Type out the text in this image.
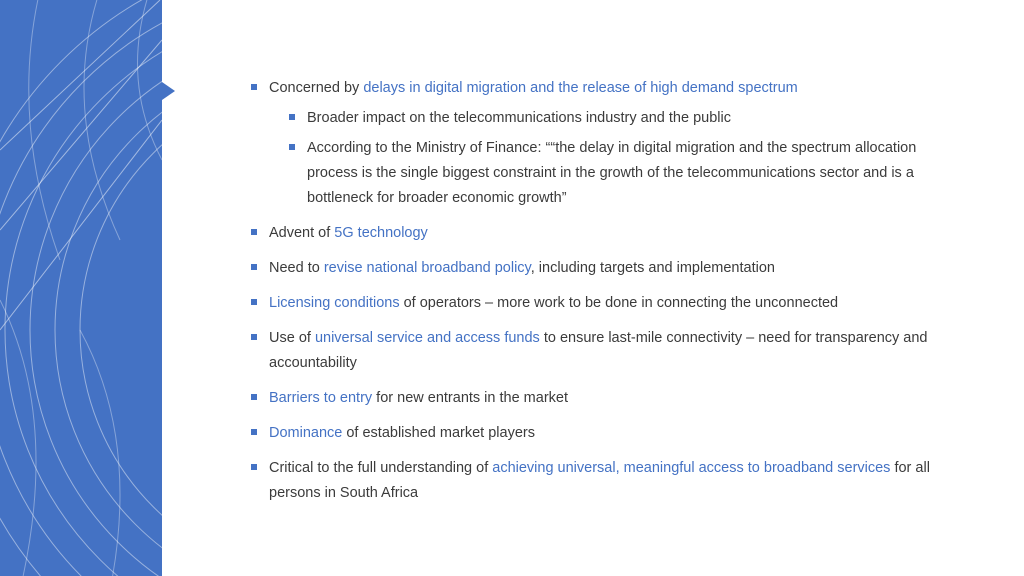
Concerned by delays in digital migration and the release of high demand spectrum
Broader impact on the telecommunications industry and the public
According to the Ministry of Finance: ““the delay in digital migration and the spectrum allocation process is the single biggest constraint in the growth of the telecommunications sector and is a bottleneck for broader economic growth”
Advent of 5G technology
Need to revise national broadband policy, including targets and implementation
Licensing conditions of operators – more work to be done in connecting the unconnected
Use of universal service and access funds to ensure last-mile connectivity – need for transparency and accountability
Barriers to entry for new entrants in the market
Dominance of established market players
Critical to the full understanding of achieving universal, meaningful access to broadband services for all persons in South Africa
